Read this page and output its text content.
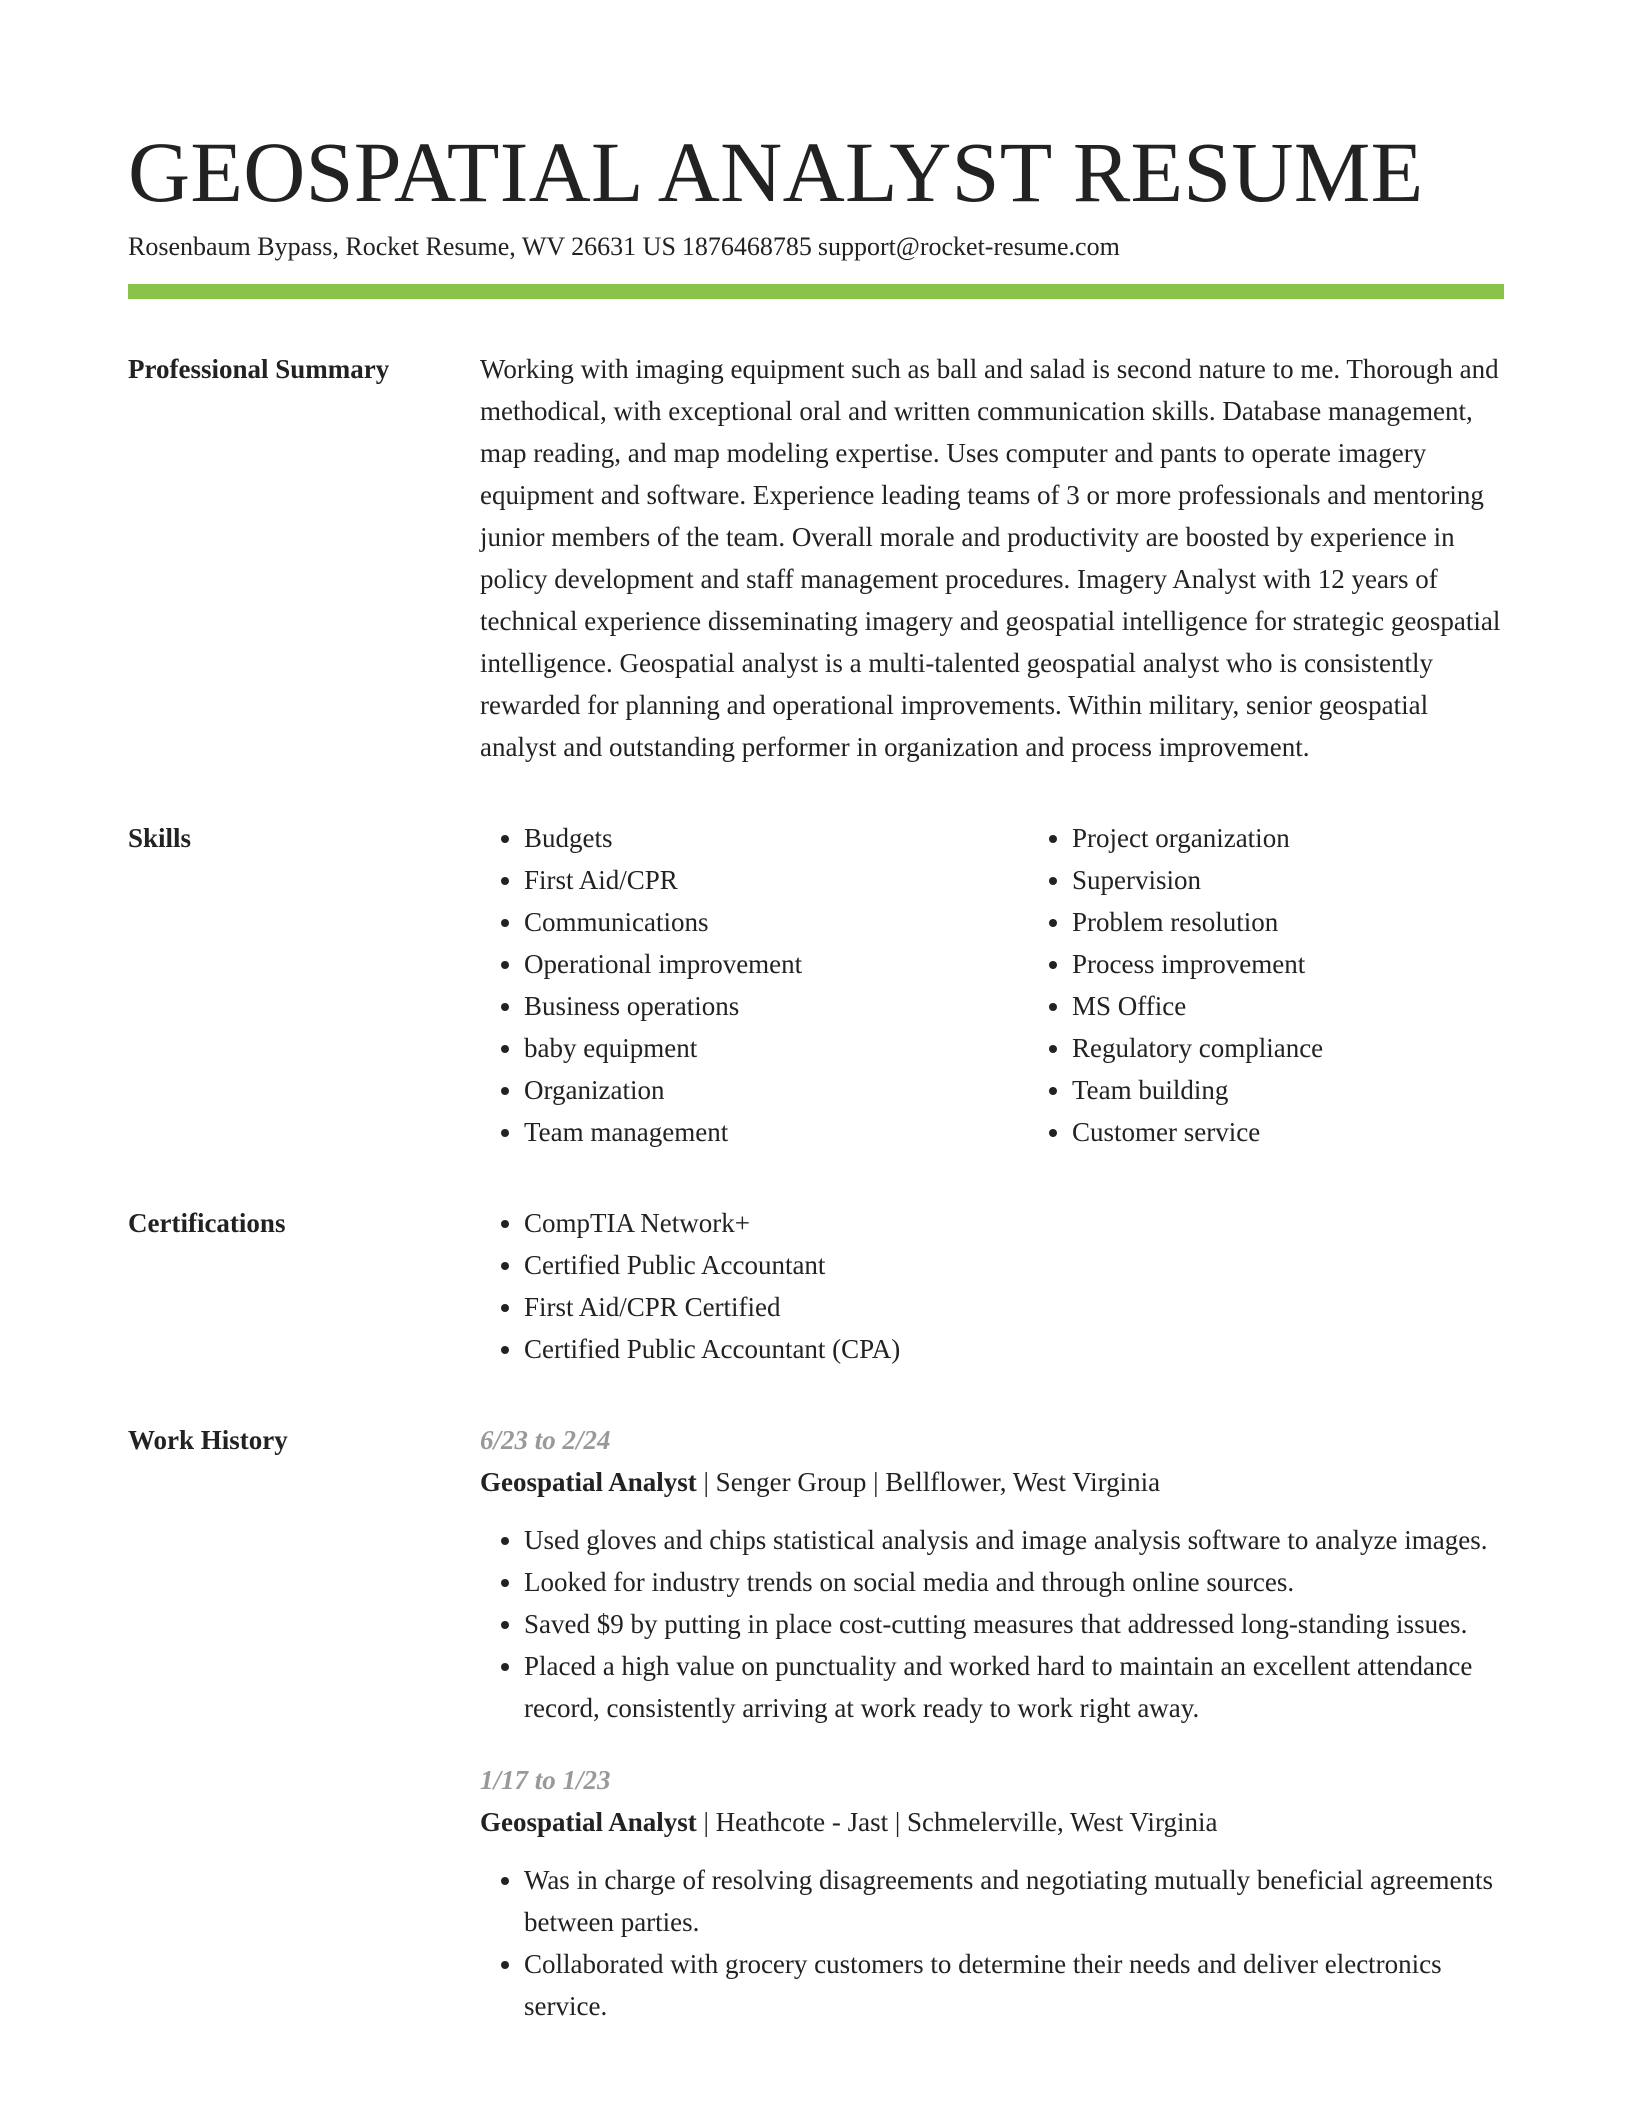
GEOSPATIAL ANALYST RESUME
Rosenbaum Bypass, Rocket Resume, WV 26631 US 1876468785 support@rocket-resume.com
Professional Summary	Working with imaging equipment such as ball and salad is second nature to me. Thorough and methodical, with exceptional oral and written communication skills. Database management, map reading, and map modeling expertise. Uses computer and pants to operate imagery equipment and software. Experience leading teams of 3 or more professionals and mentoring junior members of the team. Overall morale and productivity are boosted by experience in policy development and staff management procedures. Imagery Analyst with 12 years of technical experience disseminating imagery and geospatial intelligence for strategic geospatial intelligence. Geospatial analyst is a multi-talented geospatial analyst who is consistently rewarded for planning and operational improvements. Within military, senior geospatial analyst and outstanding performer in organization and process improvement.

Skills	• Budgets
• First Aid/CPR
• Communications
• Operational improvement
• Business operations
• baby equipment
• Organization
• Team management
• Project organization
• Supervision
• Problem resolution
• Process improvement
• MS Office
• Regulatory compliance
• Team building
• Customer service
Certifications	• CompTIA Network+
• Certified Public Accountant
• First Aid/CPR Certified
• Certified Public Accountant (CPA)
Work History	6/23 to 2/24
Geospatial Analyst | Senger Group | Bellflower, West Virginia
• Used gloves and chips statistical analysis and image analysis software to analyze images.
• Looked for industry trends on social media and through online sources.
• Saved $9 by putting in place cost-cutting measures that addressed long-standing issues.
• Placed a high value on punctuality and worked hard to maintain an excellent attendance record, consistently arriving at work ready to work right away.
1/17 to 1/23
Geospatial Analyst | Heathcote - Jast | Schmelerville, West Virginia
• Was in charge of resolving disagreements and negotiating mutually beneficial agreements between parties.
• Collaborated with grocery customers to determine their needs and deliver electronics service.
